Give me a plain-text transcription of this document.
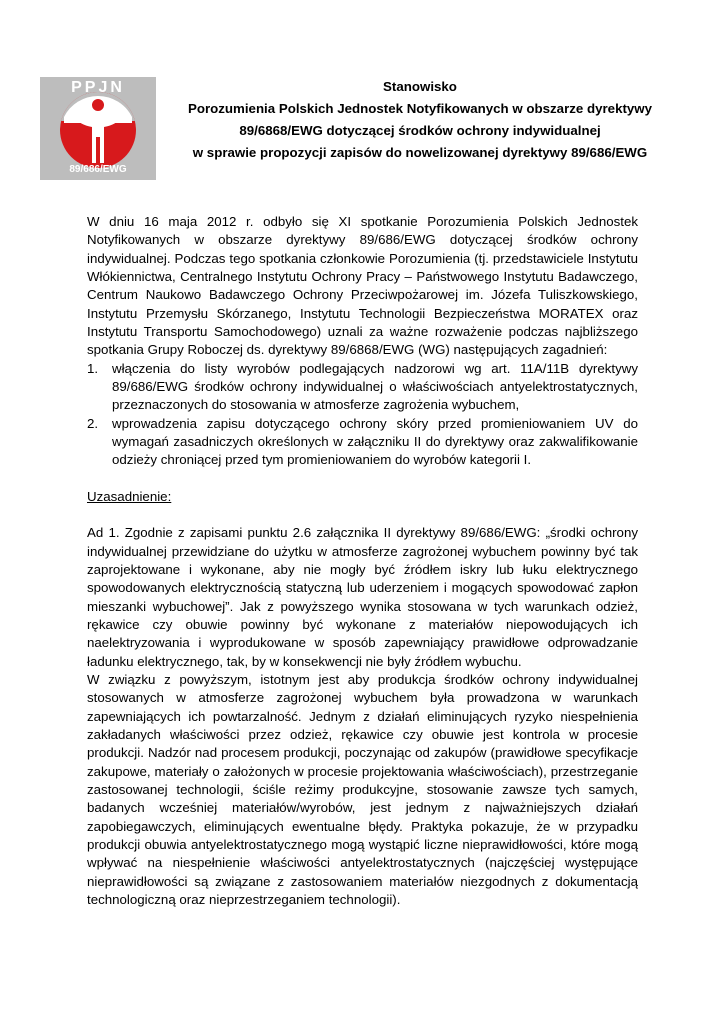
PPJN
89/686/EWG
Stanowisko
Porozumienia Polskich Jednostek Notyfikowanych w obszarze dyrektywy
89/6868/EWG dotyczącej środków ochrony indywidualnej
w sprawie propozycji zapisów do nowelizowanej dyrektywy 89/686/EWG

W dniu 16 maja 2012 r. odbyło się XI spotkanie Porozumienia Polskich Jednostek Notyfikowanych w obszarze dyrektywy 89/686/EWG dotyczącej środków ochrony indywidualnej. Podczas tego spotkania członkowie Porozumienia (tj. przedstawiciele Instytutu Włókiennictwa, Centralnego Instytutu Ochrony Pracy – Państwowego Instytutu Badawczego, Centrum Naukowo Badawczego Ochrony Przeciwpożarowej im. Józefa Tuliszkowskiego, Instytutu Przemysłu Skórzanego, Instytutu Technologii Bezpieczeństwa MORATEX oraz Instytutu Transportu Samochodowego) uznali za ważne rozważenie podczas najbliższego spotkania Grupy Roboczej ds. dyrektywy 89/6868/EWG (WG) następujących zagadnień:

1. włączenia do listy wyrobów podlegających nadzorowi wg art. 11A/11B dyrektywy 89/686/EWG środków ochrony indywidualnej o właściwościach antyelektrostatycznych, przeznaczonych do stosowania w atmosferze zagrożenia wybuchem,
2. wprowadzenia zapisu dotyczącego ochrony skóry przed promieniowaniem UV do wymagań zasadniczych określonych w załączniku II do dyrektywy oraz zakwalifikowanie odzieży chroniącej przed tym promieniowaniem do wyrobów kategorii I.

Uzasadnienie:

Ad 1. Zgodnie z zapisami punktu 2.6 załącznika II dyrektywy 89/686/EWG: „środki ochrony indywidualnej przewidziane do użytku w atmosferze zagrożonej wybuchem powinny być tak zaprojektowane i wykonane, aby nie mogły być źródłem iskry lub łuku elektrycznego spowodowanych elektrycznością statyczną lub uderzeniem i mogących spowodować zapłon mieszanki wybuchowej”. Jak z powyższego wynika stosowana w tych warunkach odzież, rękawice czy obuwie powinny być wykonane z materiałów niepowodujących ich naelektryzowania i wyprodukowane w sposób zapewniający prawidłowe odprowadzanie ładunku elektrycznego, tak, by w konsekwencji nie były źródłem wybuchu.

W związku z powyższym, istotnym jest aby produkcja środków ochrony indywidualnej stosowanych w atmosferze zagrożonej wybuchem była prowadzona w warunkach zapewniających ich powtarzalność. Jednym z działań eliminujących ryzyko niespełnienia zakładanych właściwości przez odzież, rękawice czy obuwie jest kontrola w procesie produkcji. Nadzór nad procesem produkcji, poczynając od zakupów (prawidłowe specyfikacje zakupowe, materiały o założonych w procesie projektowania właściwościach), przestrzeganie zastosowanej technologii, ściśle reżimy produkcyjne, stosowanie zawsze tych samych, badanych wcześniej materiałów/wyrobów, jest jednym z najważniejszych działań zapobiegawczych, eliminujących ewentualne błędy. Praktyka pokazuje, że w przypadku produkcji obuwia antyelektrostatycznego mogą wystąpić liczne nieprawidłowości, które mogą wpływać na niespełnienie właściwości antyelektrostatycznych (najczęściej występujące nieprawidłowości są związane z zastosowaniem materiałów niezgodnych z dokumentacją technologiczną oraz nieprzestrzeganiem technologii).
